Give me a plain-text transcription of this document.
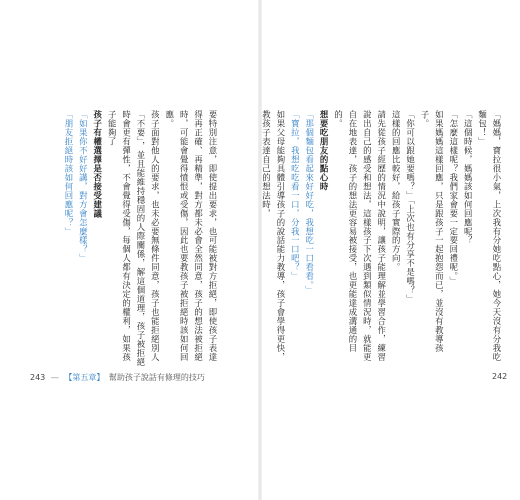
要特別注意，即使提出要求，也可能被對方拒絕，即使孩子表達得再正確、再精準，對方都未必會全然同意，孩子的想法被拒絕時，可能會覺得憤恨或受傷，因此也要教孩子被拒絕時該如何回應。

孩子面對他人的要求，也未必要無條件同意，孩子也能拒絕別人「不要」，並且能維持穩固的人際關係，解這個道理，孩子被拒絕時會更有彈性，不會覺得受傷，每個人都有決定的權利，如果孩子能夠了

孩子有權選擇是否接受建議

「如果你不好好講，對方會怎麼樣？」

「朋友拒絕時該如何回應呢？」

243 — 【第五章】 幫助孩子說話有條理的技巧

「媽媽，寶拉很小氣，上次我有分她吃點心，她今天沒有分我吃麵包！」

「這個時候，媽媽該如何回應呢？

「怎麼這樣呢？我們家會要一定要回禮呢。」

如果媽媽這樣回應，只是跟孩子一起抱怨而已，並沒有教導孩子。

「你可以跟她要嗎？」「上次也有分享不是嗎？」

這樣的回應比較好，給孩子實際的方向。

請先從孩子經歷的情況中說明，讓孩子能理解並學習合作，練習說出自己的感受和想法，這樣孩子下次遇到類似情況時，就能更自在地表達，孩子的想法更容易被接受，也更能達成溝通的目的。

想要吃朋友的點心時

「那個麵包看起來好好吃，我想吃一口看看。」

「寶拉，我想吃吃看一口，分我一口吧？」

如果父母能夠具體引導孩子的說話能力教導，孩子會學得更快，教孩子表達自己的想法時，

242
